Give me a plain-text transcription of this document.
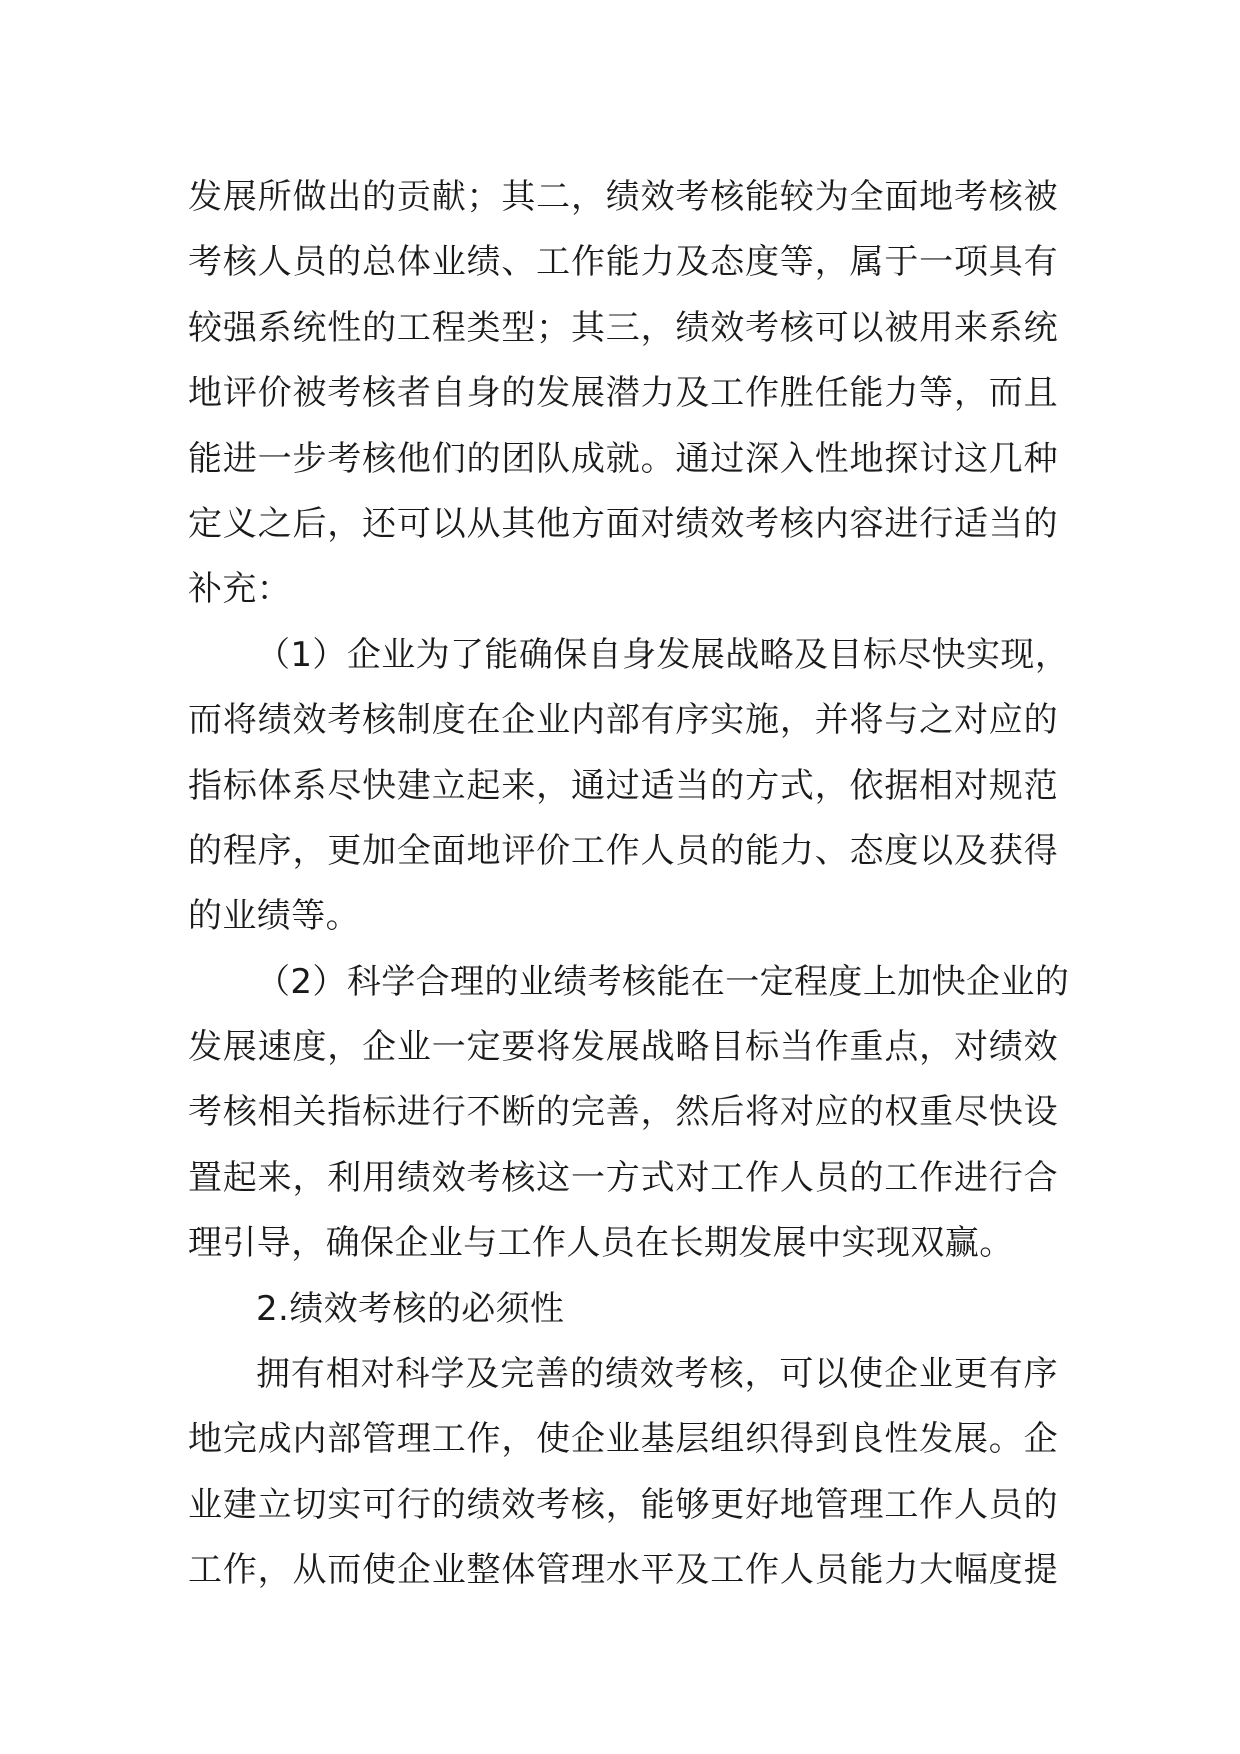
发展所做出的贡献；其二，绩效考核能较为全面地考核被
考核人员的总体业绩、工作能力及态度等，属于一项具有
较强系统性的工程类型；其三，绩效考核可以被用来系统
地评价被考核者自身的发展潜力及工作胜任能力等，而且
能进一步考核他们的团队成就。通过深入性地探讨这几种
定义之后，还可以从其他方面对绩效考核内容进行适当的
补充：
（1）企业为了能确保自身发展战略及目标尽快实现，
而将绩效考核制度在企业内部有序实施，并将与之对应的
指标体系尽快建立起来，通过适当的方式，依据相对规范
的程序，更加全面地评价工作人员的能力、态度以及获得
的业绩等。
（2）科学合理的业绩考核能在一定程度上加快企业的
发展速度，企业一定要将发展战略目标当作重点，对绩效
考核相关指标进行不断的完善，然后将对应的权重尽快设
置起来，利用绩效考核这一方式对工作人员的工作进行合
理引导，确保企业与工作人员在长期发展中实现双赢。
2.绩效考核的必须性
拥有相对科学及完善的绩效考核，可以使企业更有序
地完成内部管理工作，使企业基层组织得到良性发展。企
业建立切实可行的绩效考核，能够更好地管理工作人员的
工作，从而使企业整体管理水平及工作人员能力大幅度提
